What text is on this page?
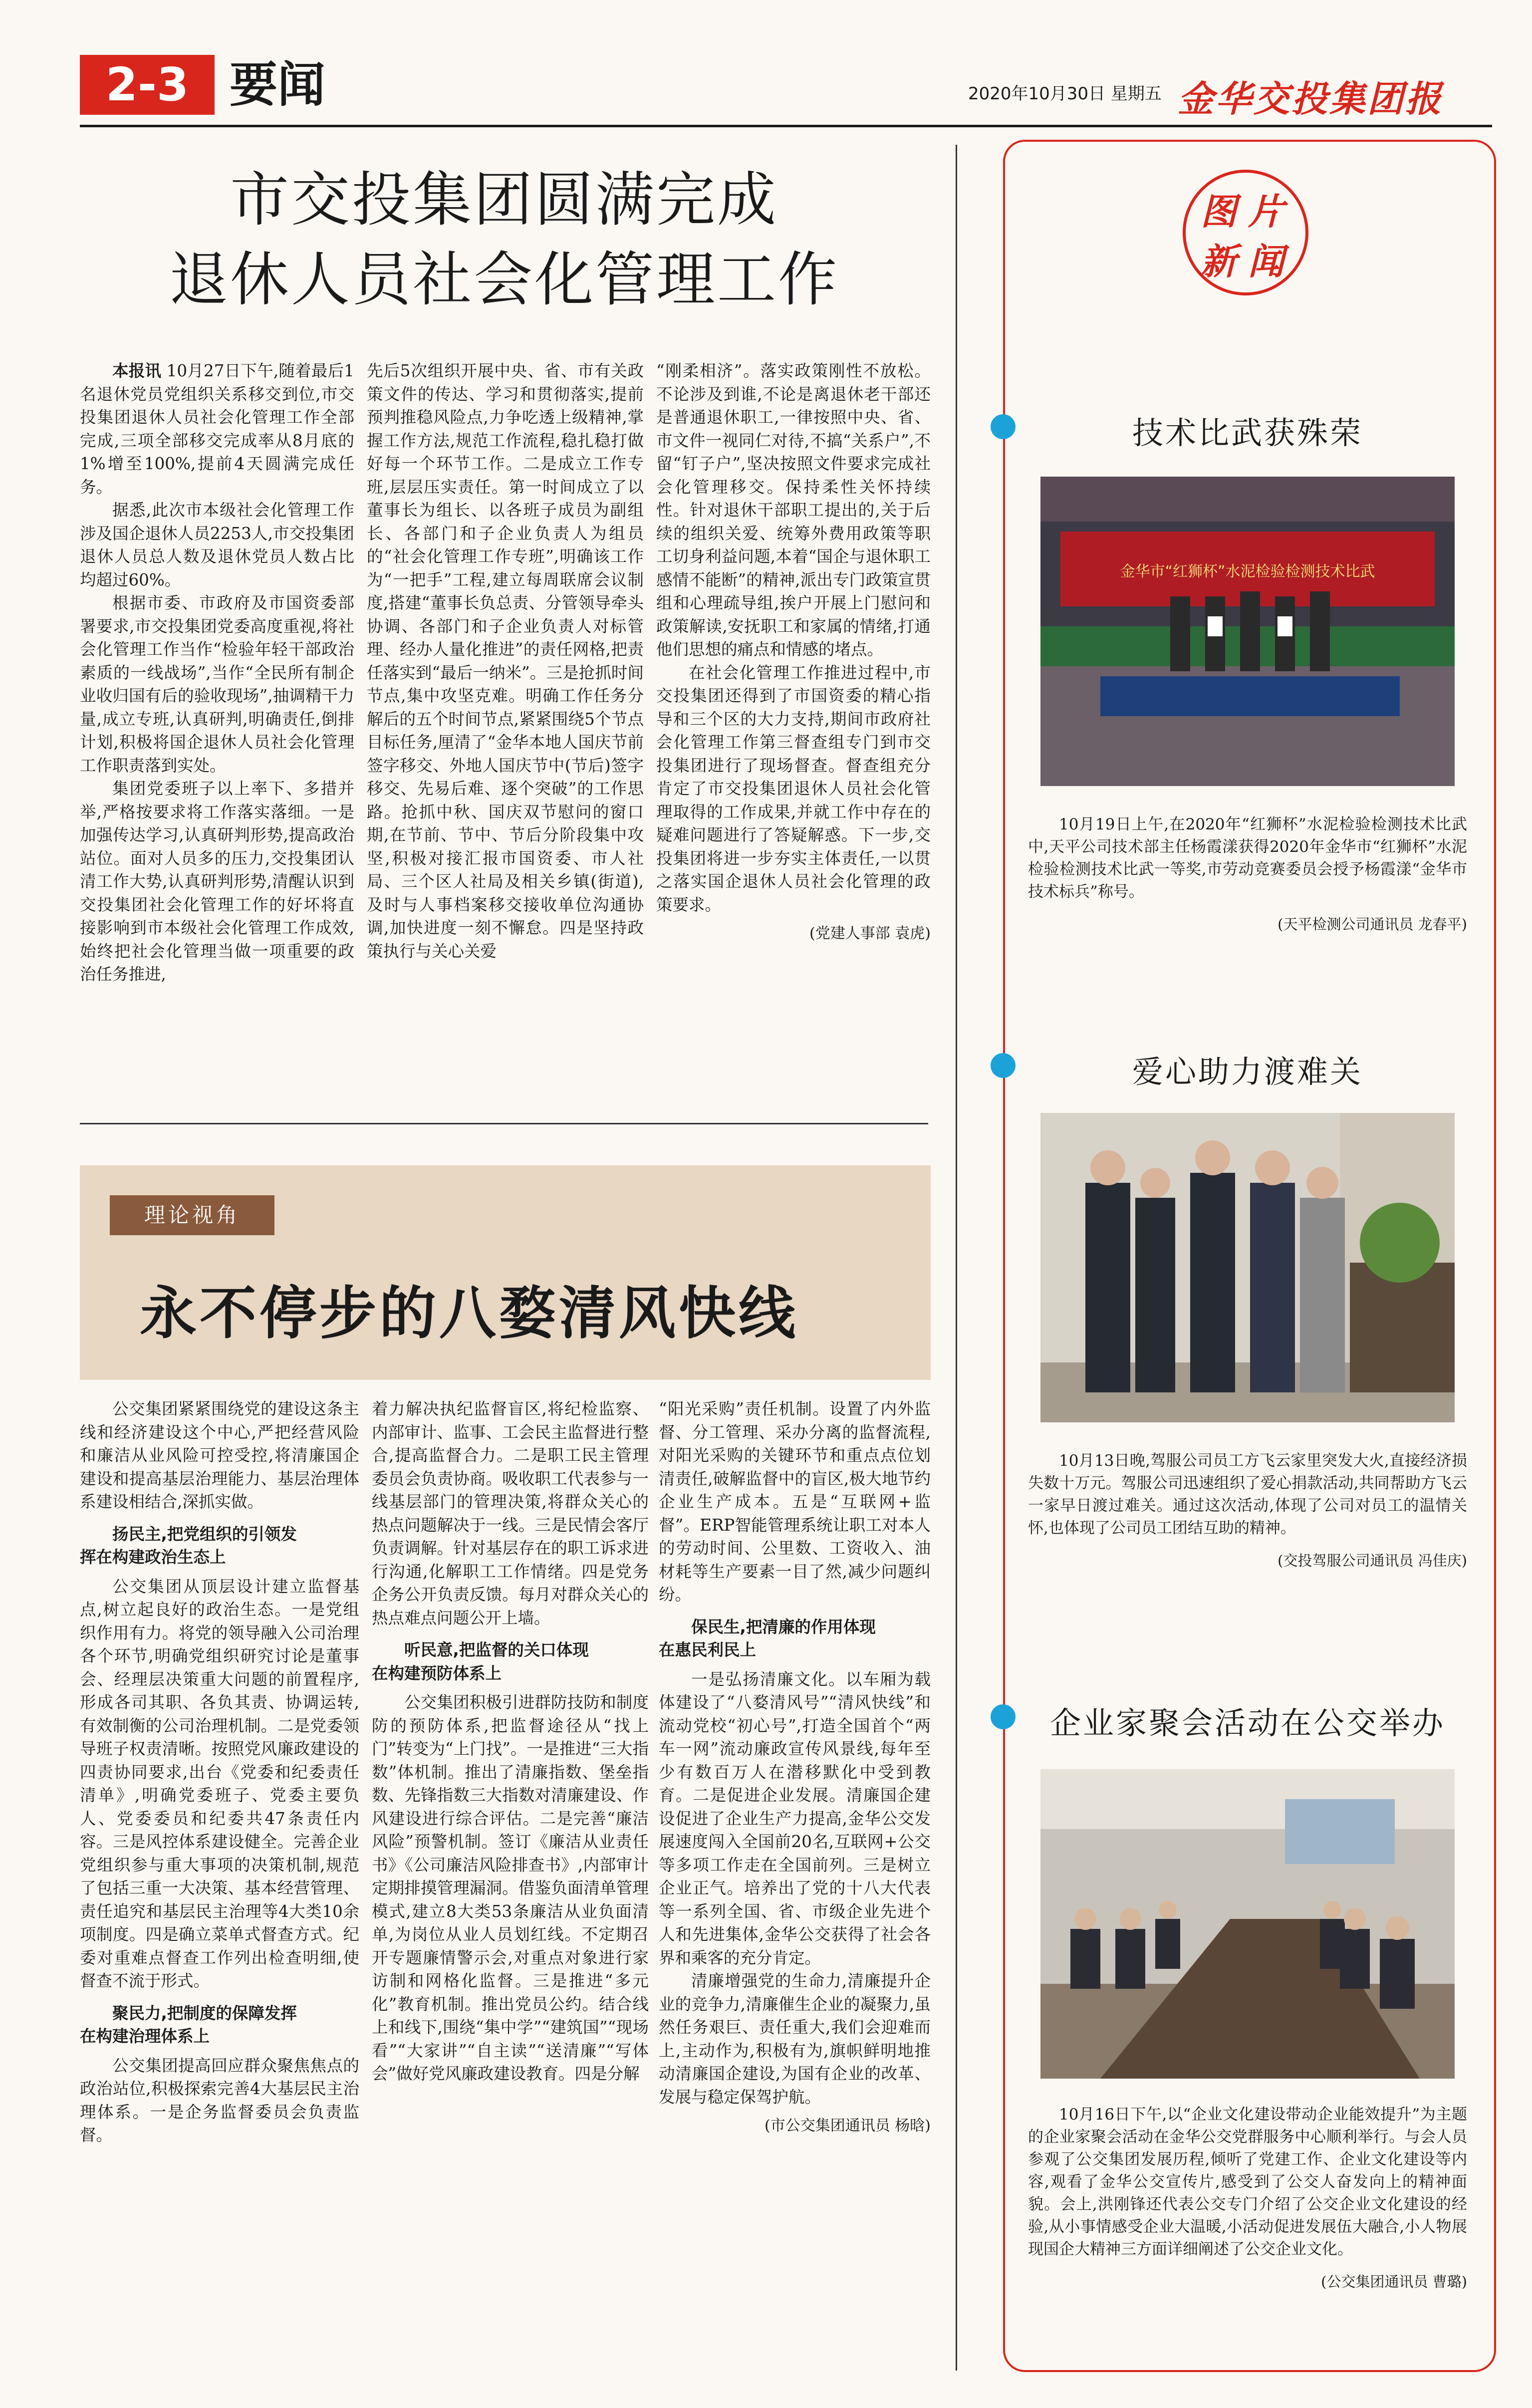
2-3 要闻	2020年10月30日 星期五 金华交投集团报
市交投集团圆满完成
退休人员社会化管理工作

本报讯 10月27日下午,随着最后1名退休党员党组织关系移交到位,市交投集团退休人员社会化管理工作全部完成,三项全部移交完成率从8月底的1%增至100%,提前4天圆满完成任务。

据悉,此次市本级社会化管理工作涉及国企退休人员2253人,市交投集团退休人员总人数及退休党员人数占比均超过60%。

根据市委、市政府及市国资委部署要求,市交投集团党委高度重视,将社会化管理工作当作“检验年轻干部政治素质的一线战场”,当作“全民所有制企业收归国有后的验收现场”,抽调精干力量,成立专班,认真研判,明确责任,倒排计划,积极将国企退休人员社会化管理工作职责落到实处。

集团党委班子以上率下、多措并举,严格按要求将工作落实落细。一是加强传达学习,认真研判形势,提高政治站位。面对人员多的压力,交投集团认清工作大势,认真研判形势,清醒认识到交投集团社会化管理工作的好坏将直接影响到市本级社会化管理工作成效,始终把社会化管理当做一项重要的政治任务推进,

先后5次组织开展中央、省、市有关政策文件的传达、学习和贯彻落实,提前预判推稳风险点,力争吃透上级精神,掌握工作方法,规范工作流程,稳扎稳打做好每一个环节工作。二是成立工作专班,层层压实责任。第一时间成立了以董事长为组长、以各班子成员为副组长、各部门和子企业负责人为组员的“社会化管理工作专班”,明确该工作为“一把手”工程,建立每周联席会议制度,搭建“董事长负总责、分管领导牵头协调、各部门和子企业负责人对标管理、经办人量化推进”的责任网格,把责任落实到“最后一纳米”。三是抢抓时间节点,集中攻坚克难。明确工作任务分解后的五个时间节点,紧紧围绕5个节点目标任务,厘清了“金华本地人国庆节前签字移交、外地人国庆节中(节后)签字移交、先易后难、逐个突破”的工作思路。抢抓中秋、国庆双节慰问的窗口期,在节前、节中、节后分阶段集中攻坚,积极对接汇报市国资委、市人社局、三个区人社局及相关乡镇(街道),及时与人事档案移交接收单位沟通协调,加快进度一刻不懈怠。四是坚持政策执行与关心关爱

“刚柔相济”。落实政策刚性不放松。不论涉及到谁,不论是离退休老干部还是普通退休职工,一律按照中央、省、市文件一视同仁对待,不搞“关系户”,不留“钉子户”,坚决按照文件要求完成社会化管理移交。保持柔性关怀持续性。针对退休干部职工提出的,关于后续的组织关爱、统筹外费用政策等职工切身利益问题,本着“国企与退休职工感情不能断”的精神,派出专门政策宣贯组和心理疏导组,挨户开展上门慰问和政策解读,安抚职工和家属的情绪,打通他们思想的痛点和情感的堵点。

在社会化管理工作推进过程中,市交投集团还得到了市国资委的精心指导和三个区的大力支持,期间市政府社会化管理工作第三督查组专门到市交投集团进行了现场督查。督查组充分肯定了市交投集团退休人员社会化管理取得的工作成果,并就工作中存在的疑难问题进行了答疑解惑。下一步,交投集团将进一步夯实主体责任,一以贯之落实国企退休人员社会化管理的政策要求。

(党建人事部 袁虎)
理论视角
永不停步的八婺清风快线

公交集团紧紧围绕党的建设这条主线和经济建设这个中心,严把经营风险和廉洁从业风险可控受控,将清廉国企建设和提高基层治理能力、基层治理体系建设相结合,深抓实做。

扬民主,把党组织的引领发
挥在构建政治生态上

公交集团从顶层设计建立监督基点,树立起良好的政治生态。一是党组织作用有力。将党的领导融入公司治理各个环节,明确党组织研究讨论是董事会、经理层决策重大问题的前置程序,形成各司其职、各负其责、协调运转,有效制衡的公司治理机制。二是党委领导班子权责清晰。按照党风廉政建设的四责协同要求,出台《党委和纪委责任清单》,明确党委班子、党委主要负人、党委委员和纪委共47条责任内容。三是风控体系建设健全。完善企业党组织参与重大事项的决策机制,规范了包括三重一大决策、基本经营管理、责任追究和基层民主治理等4大类10余项制度。四是确立菜单式督查方式。纪委对重难点督查工作列出检查明细,使督查不流于形式。

聚民力,把制度的保障发挥
在构建治理体系上

公交集团提高回应群众聚焦焦点的政治站位,积极探索完善4大基层民主治理体系。一是企务监督委员会负责监督。

着力解决执纪监督盲区,将纪检监察、内部审计、监事、工会民主监督进行整合,提高监督合力。二是职工民主管理委员会负责协商。吸收职工代表参与一线基层部门的管理决策,将群众关心的热点问题解决于一线。三是民情会客厅负责调解。针对基层存在的职工诉求进行沟通,化解职工工作情绪。四是党务企务公开负责反馈。每月对群众关心的热点难点问题公开上墙。

听民意,把监督的关口体现
在构建预防体系上

公交集团积极引进群防技防和制度防的预防体系,把监督途径从“找上门”转变为“上门找”。一是推进“三大指数”体机制。推出了清廉指数、堡垒指数、先锋指数三大指数对清廉建设、作风建设进行综合评估。二是完善“廉洁风险”预警机制。签订《廉洁从业责任书》《公司廉洁风险排查书》,内部审计定期排摸管理漏洞。借鉴负面清单管理模式,建立8大类53条廉洁从业负面清单,为岗位从业人员划红线。不定期召开专题廉情警示会,对重点对象进行家访制和网格化监督。三是推进“多元化”教育机制。推出党员公约。结合线上和线下,围绕“集中学”“建筑国”“现场看”“大家讲”“自主读”“送清廉”“写体会”做好党风廉政建设教育。四是分解

“阳光采购”责任机制。设置了内外监督、分工管理、采办分离的监督流程,对阳光采购的关键环节和重点点位划清责任,破解监督中的盲区,极大地节约企业生产成本。五是“互联网+监督”。ERP智能管理系统让职工对本人的劳动时间、公里数、工资收入、油材耗等生产要素一目了然,减少问题纠纷。

保民生,把清廉的作用体现
在惠民利民上

一是弘扬清廉文化。以车厢为载体建设了“八婺清风号”“清风快线”和流动党校“初心号”,打造全国首个“两车一网”流动廉政宣传风景线,每年至少有数百万人在潜移默化中受到教育。二是促进企业发展。清廉国企建设促进了企业生产力提高,金华公交发展速度闯入全国前20名,互联网+公交等多项工作走在全国前列。三是树立企业正气。培养出了党的十八大代表等一系列全国、省、市级企业先进个人和先进集体,金华公交获得了社会各界和乘客的充分肯定。

清廉增强党的生命力,清廉提升企业的竞争力,清廉催生企业的凝聚力,虽然任务艰巨、责任重大,我们会迎难而上,主动作为,积极有为,旗帜鲜明地推动清廉国企建设,为国有企业的改革、发展与稳定保驾护航。

(市公交集团通讯员 杨晗)
图 片
新 闻
技术比武获殊荣
金华市“红狮杯”水泥检验检测技术比武

10月19日上午,在2020年“红狮杯”水泥检验检测技术比武中,天平公司技术部主任杨霞漾获得2020年金华市“红狮杯”水泥检验检测技术比武一等奖,市劳动竞赛委员会授予杨霞漾“金华市技术标兵”称号。

(天平检测公司通讯员 龙春平)
爱心助力渡难关

10月13日晚,驾服公司员工方飞云家里突发大火,直接经济损失数十万元。驾服公司迅速组织了爱心捐款活动,共同帮助方飞云一家早日渡过难关。通过这次活动,体现了公司对员工的温情关怀,也体现了公司员工团结互助的精神。

(交投驾服公司通讯员 冯佳庆)
企业家聚会活动在公交举办

10月16日下午,以“企业文化建设带动企业能效提升”为主题的企业家聚会活动在金华公交党群服务中心顺利举行。与会人员参观了公交集团发展历程,倾听了党建工作、企业文化建设等内容,观看了金华公交宣传片,感受到了公交人奋发向上的精神面貌。会上,洪刚锋还代表公交专门介绍了公交企业文化建设的经验,从小事情感受企业大温暖,小活动促进发展伍大融合,小人物展现国企大精神三方面详细阐述了公交企业文化。

(公交集团通讯员 曹璐)
